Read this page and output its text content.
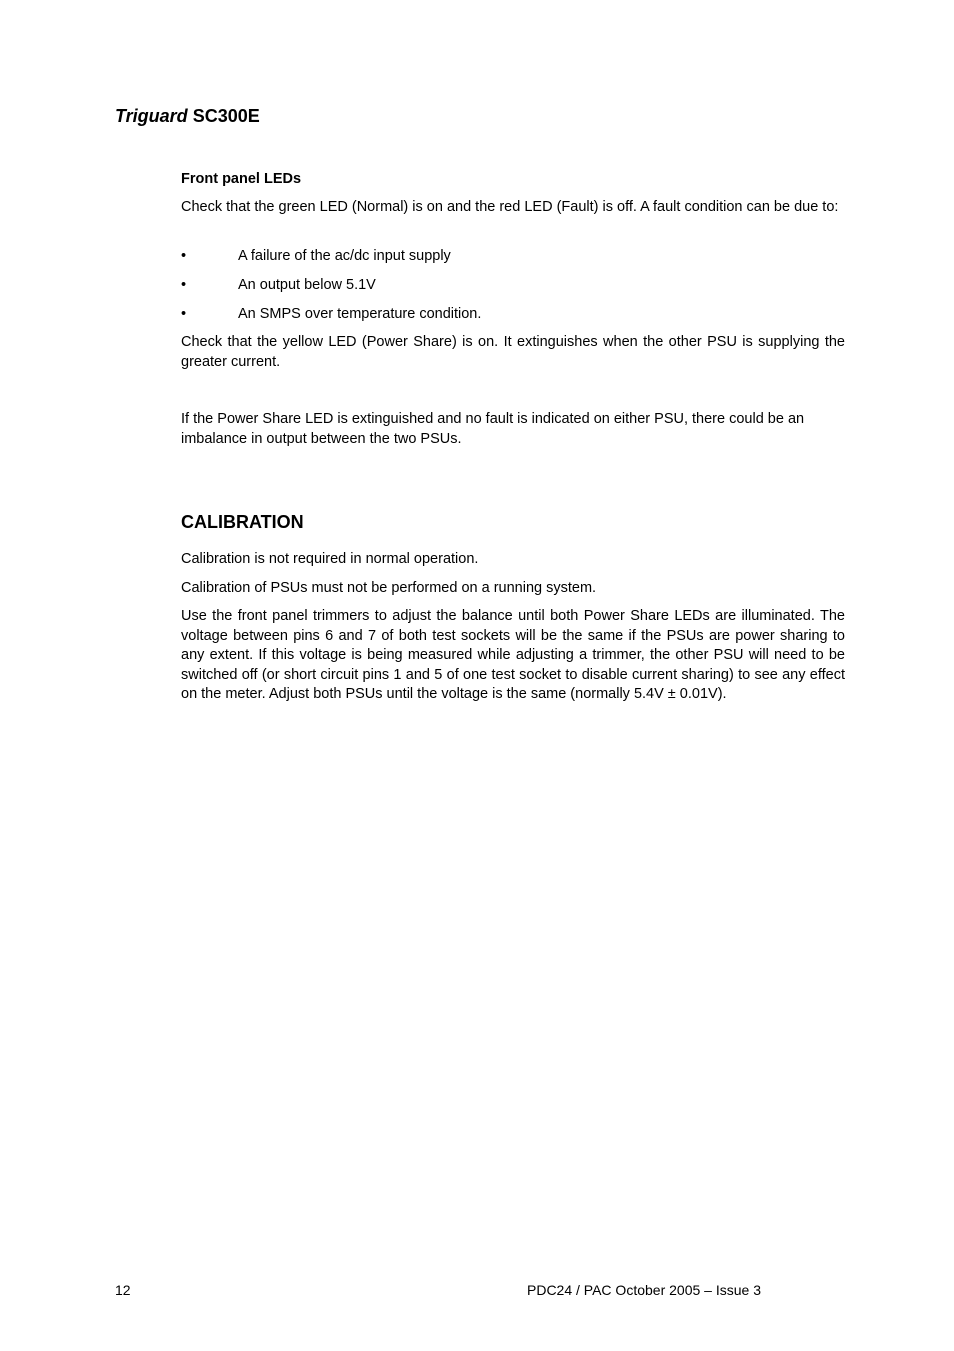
Triguard SC300E
Front panel LEDs
Check that the green LED (Normal) is on and the red LED (Fault) is off. A fault condition can be due to:
•	A failure of the ac/dc input supply
•	An output below 5.1V
•	An SMPS over temperature condition.
Check that the yellow LED (Power Share) is on. It extinguishes when the other PSU is supplying the greater current.
If the Power Share LED is extinguished and no fault is indicated on either PSU, there could be an imbalance in output between the two PSUs.
CALIBRATION
Calibration is not required in normal operation.
Calibration of PSUs must not be performed on a running system.
Use the front panel trimmers to adjust the balance until both Power Share LEDs are illuminated. The voltage between pins 6 and 7 of both test sockets will be the same if the PSUs are power sharing to any extent. If this voltage is being measured while adjusting a trimmer, the other PSU will need to be switched off (or short circuit pins 1 and 5 of one test socket to disable current sharing) to see any effect on the meter. Adjust both PSUs until the voltage is the same (normally 5.4V ± 0.01V).
12	PDC24 / PAC October 2005 – Issue 3
